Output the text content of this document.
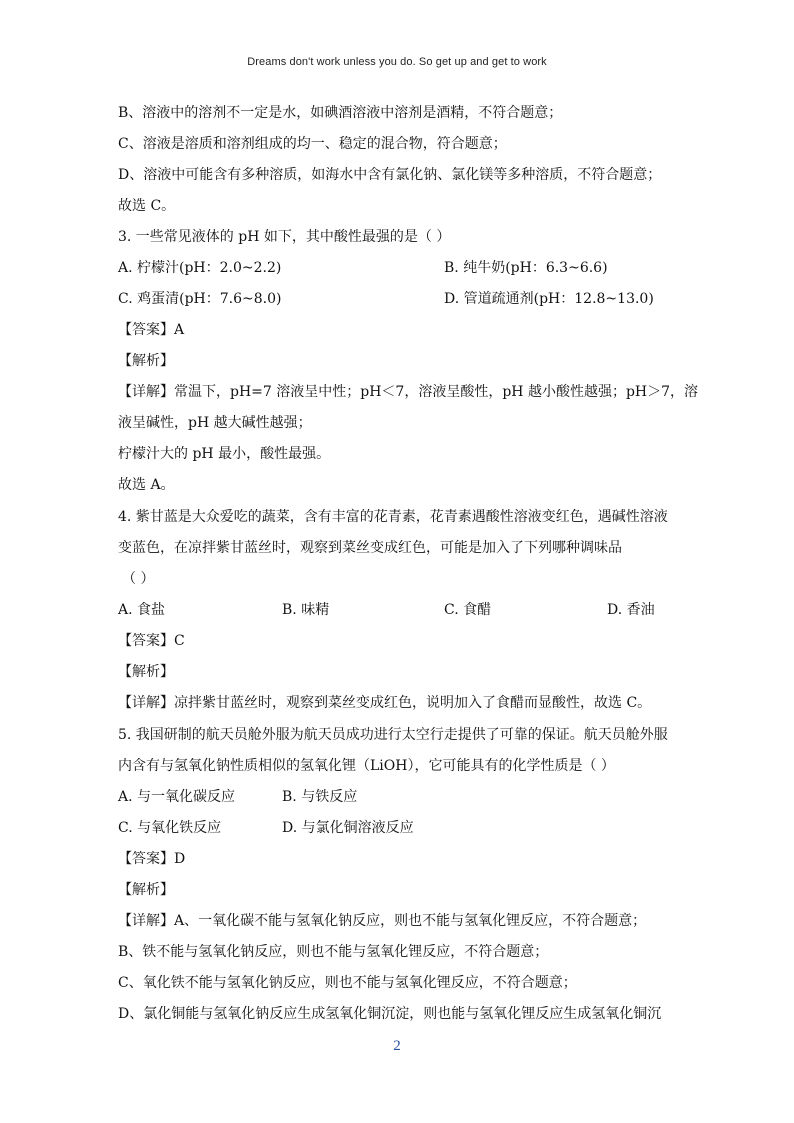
Dreams don't work unless you do. So get up and get to work
B、溶液中的溶剂不一定是水，如碘酒溶液中溶剂是酒精，不符合题意；
C、溶液是溶质和溶剂组成的均一、稳定的混合物，符合题意；
D、溶液中可能含有多种溶质，如海水中含有氯化钠、氯化镁等多种溶质，不符合题意；
故选 C。
3. 一些常见液体的 pH 如下，其中酸性最强的是（ ）
A. 柠檬汁(pH：2.0~2.2)	B. 纯牛奶(pH：6.3~6.6)
C. 鸡蛋清(pH：7.6~8.0)	D. 管道疏通剂(pH：12.8~13.0)
【答案】A
【解析】
【详解】常温下，pH=7 溶液呈中性；pH＜7，溶液呈酸性，pH 越小酸性越强；pH＞7，溶
液呈碱性，pH 越大碱性越强；
柠檬汁大的 pH 最小，酸性最强。
故选 A。
4. 紫甘蓝是大众爱吃的蔬菜，含有丰富的花青素，花青素遇酸性溶液变红色，遇碱性溶液
变蓝色，在凉拌紫甘蓝丝时，观察到菜丝变成红色，可能是加入了下列哪种调味品
（ ）
A. 食盐	B. 味精	C. 食醋	D. 香油
【答案】C
【解析】
【详解】凉拌紫甘蓝丝时，观察到菜丝变成红色，说明加入了食醋而显酸性，故选 C。
5. 我国研制的航天员舱外服为航天员成功进行太空行走提供了可靠的保证。航天员舱外服
内含有与氢氧化钠性质相似的氢氧化锂（LiOH），它可能具有的化学性质是（ ）
A. 与一氧化碳反应	B. 与铁反应
C. 与氧化铁反应	D. 与氯化铜溶液反应
【答案】D
【解析】
【详解】A、一氧化碳不能与氢氧化钠反应，则也不能与氢氧化锂反应，不符合题意；
B、铁不能与氢氧化钠反应，则也不能与氢氧化锂反应，不符合题意；
C、氧化铁不能与氢氧化钠反应，则也不能与氢氧化锂反应，不符合题意；
D、氯化铜能与氢氧化钠反应生成氢氧化铜沉淀，则也能与氢氧化锂反应生成氢氧化铜沉
2
